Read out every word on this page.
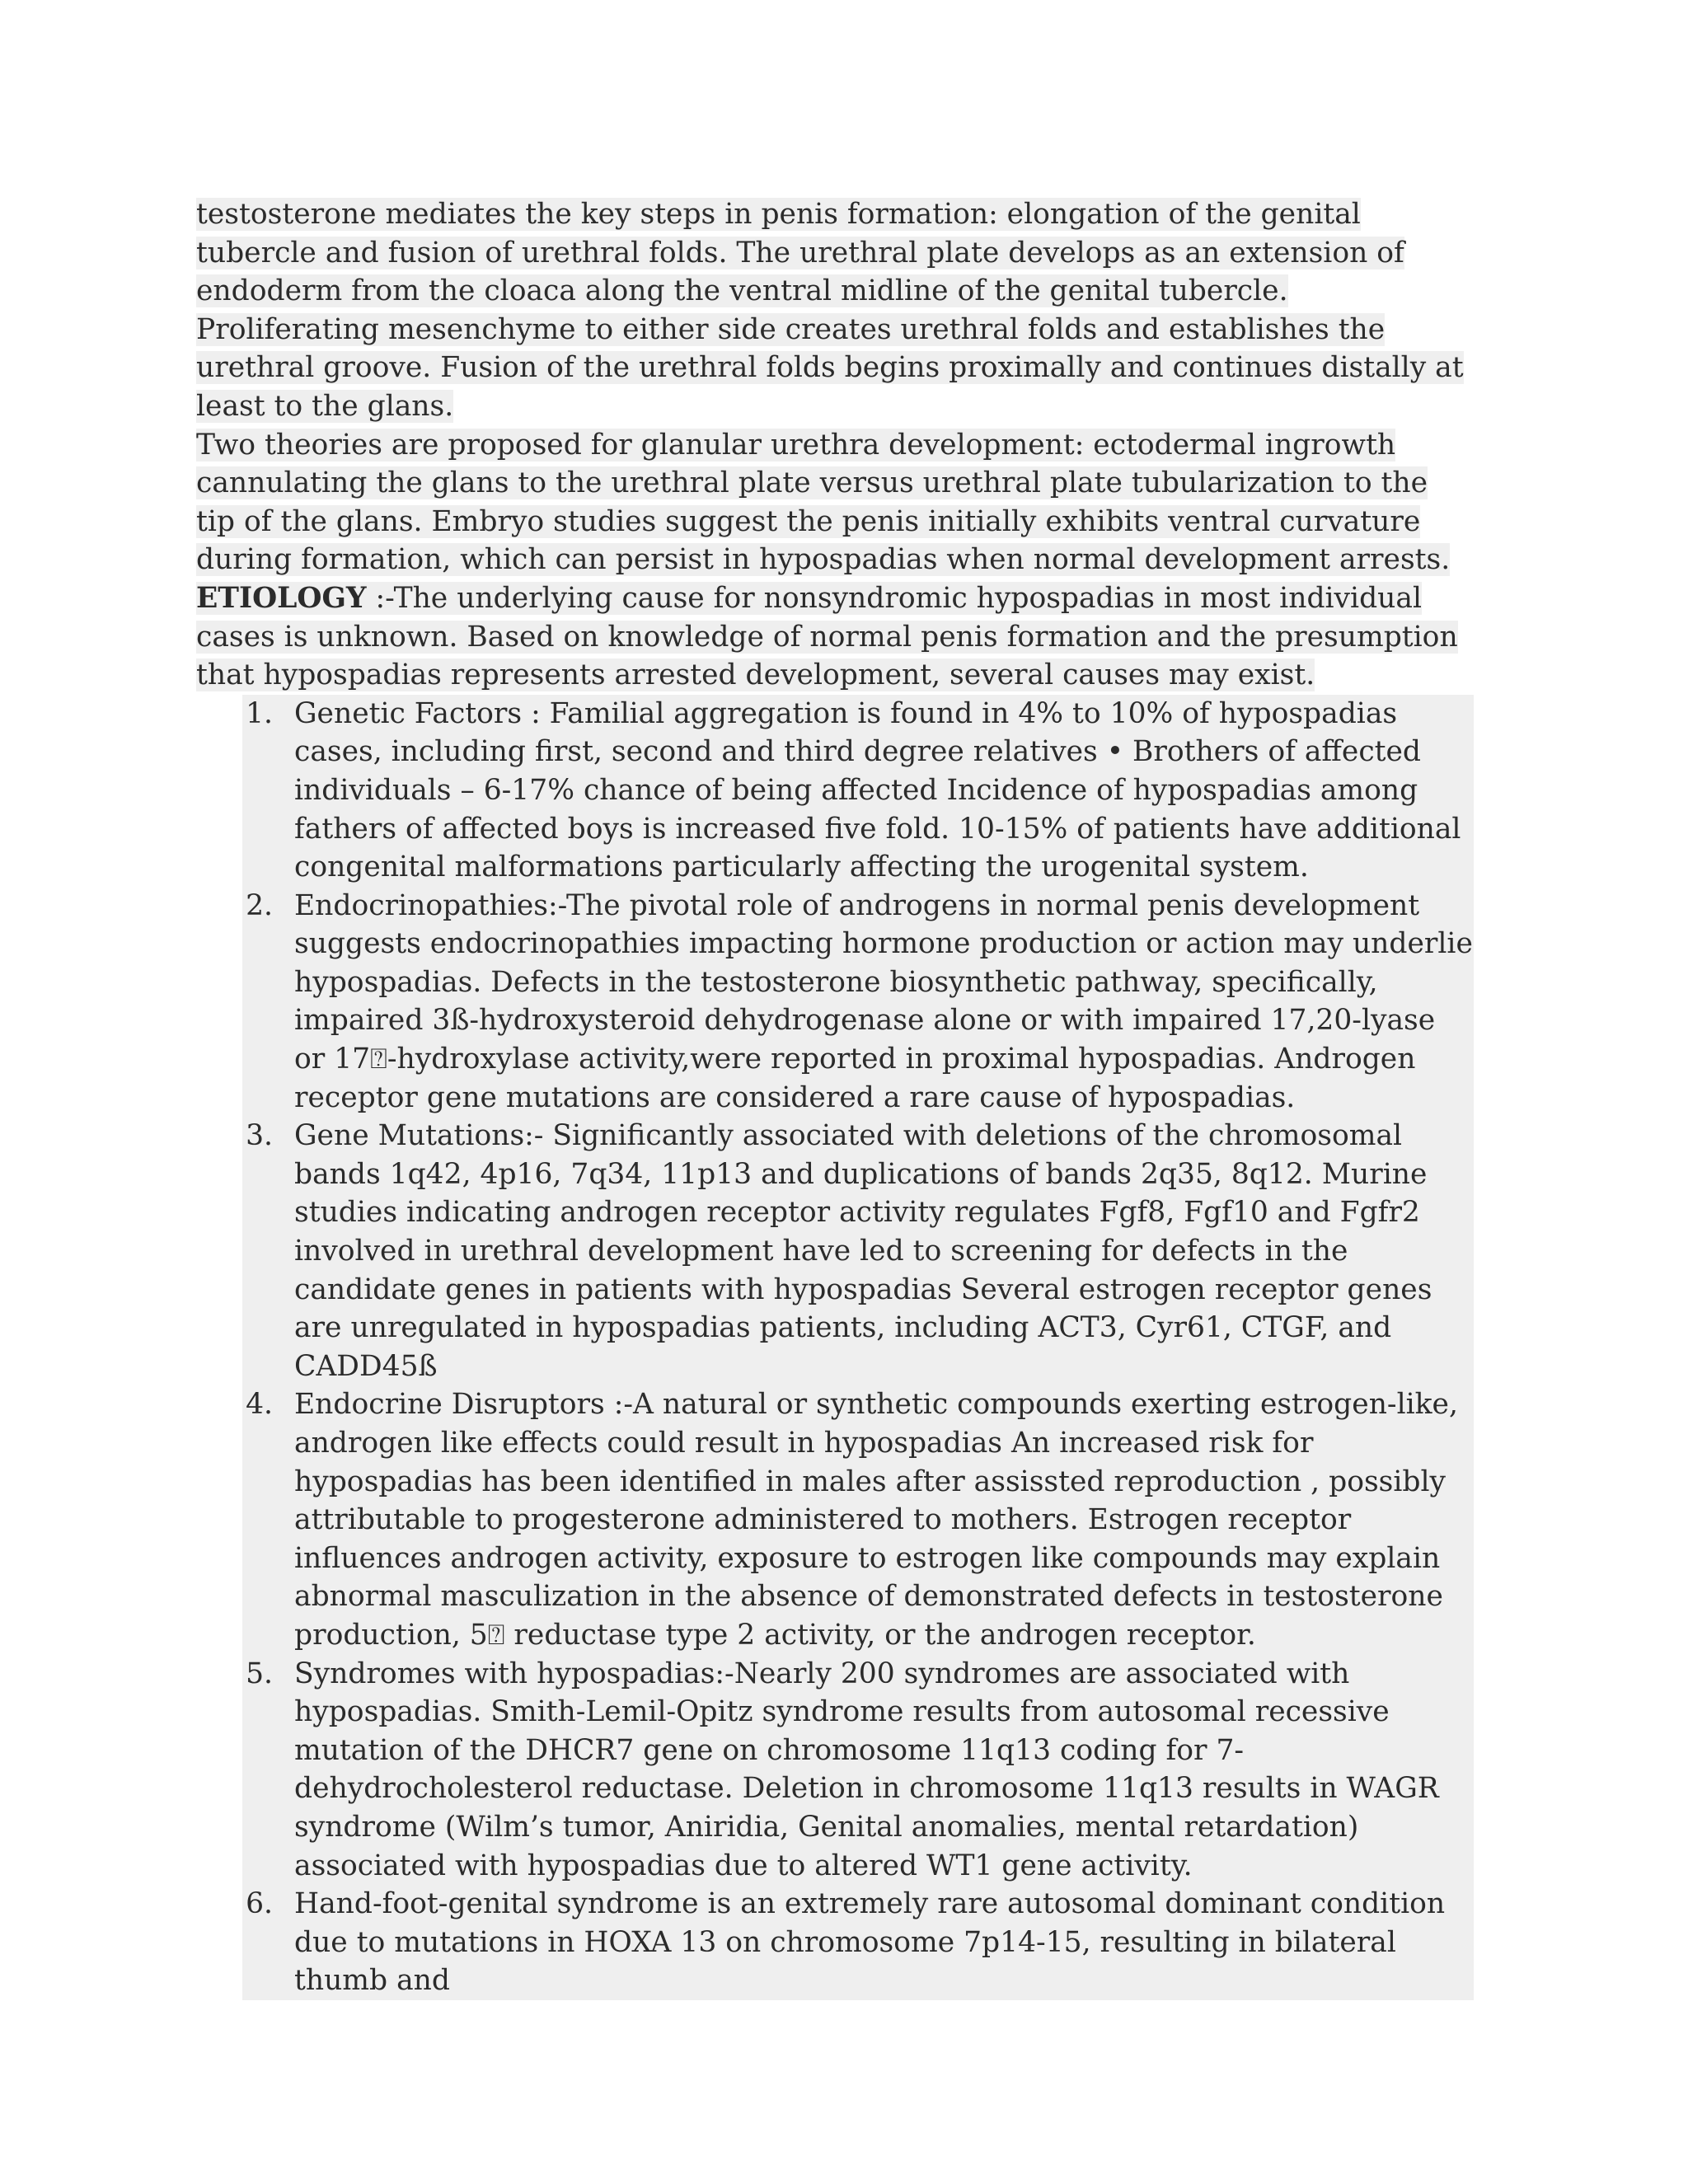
testosterone mediates the key steps in penis formation: elongation of the genital tubercle and fusion of urethral folds. The urethral plate develops as an extension of endoderm from the cloaca along the ventral midline of the genital tubercle.

Proliferating mesenchyme to either side creates urethral folds and establishes the urethral groove. Fusion of the urethral folds begins proximally and continues distally at least to the glans.

Two theories are proposed for glanular urethra development: ectodermal ingrowth cannulating the glans to the urethral plate versus urethral plate tubularization to the tip of the glans. Embryo studies suggest the penis initially exhibits ventral curvature during formation, which can persist in hypospadias when normal development arrests.

ETIOLOGY :-The underlying cause for nonsyndromic hypospadias in most individual cases is unknown. Based on knowledge of normal penis formation and the presumption that hypospadias represents arrested development, several causes may exist.

1. Genetic Factors : Familial aggregation is found in 4% to 10% of hypospadias cases, including first, second and third degree relatives • Brothers of affected individuals – 6-17% chance of being affected Incidence of hypospadias among fathers of affected boys is increased five fold. 10-15% of patients have additional congenital malformations particularly affecting the urogenital system.
2. Endocrinopathies:-The pivotal role of androgens in normal penis development suggests endocrinopathies impacting hormone production or action may underlie hypospadias. Defects in the testosterone biosynthetic pathway, specifically, impaired 3ß-hydroxysteroid dehydrogenase alone or with impaired 17,20-lyase or 17⍰-hydroxylase activity,were reported in proximal hypospadias. Androgen receptor gene mutations are considered a rare cause of hypospadias.
3. Gene Mutations:- Significantly associated with deletions of the chromosomal bands 1q42, 4p16, 7q34, 11p13 and duplications of bands 2q35, 8q12. Murine studies indicating androgen receptor activity regulates Fgf8, Fgf10 and Fgfr2 involved in urethral development have led to screening for defects in the candidate genes in patients with hypospadias Several estrogen receptor genes are unregulated in hypospadias patients, including ACT3, Cyr61, CTGF, and CADD45ß
4. Endocrine Disruptors :-A natural or synthetic compounds exerting estrogen-like, androgen like effects could result in hypospadias An increased risk for hypospadias has been identified in males after assissted reproduction , possibly attributable to progesterone administered to mothers. Estrogen receptor influences androgen activity, exposure to estrogen like compounds may explain abnormal masculization in the absence of demonstrated defects in testosterone production, 5⍰ reductase type 2 activity, or the androgen receptor.
5. Syndromes with hypospadias:-Nearly 200 syndromes are associated with hypospadias. Smith-Lemil-Opitz syndrome results from autosomal recessive mutation of the DHCR7 gene on chromosome 11q13 coding for 7-dehydrocholesterol reductase. Deletion in chromosome 11q13 results in WAGR syndrome (Wilm’s tumor, Aniridia, Genital anomalies, mental retardation) associated with hypospadias due to altered WT1 gene activity.
6. Hand-foot-genital syndrome is an extremely rare autosomal dominant condition due to mutations in HOXA 13 on chromosome 7p14-15, resulting in bilateral thumb and
